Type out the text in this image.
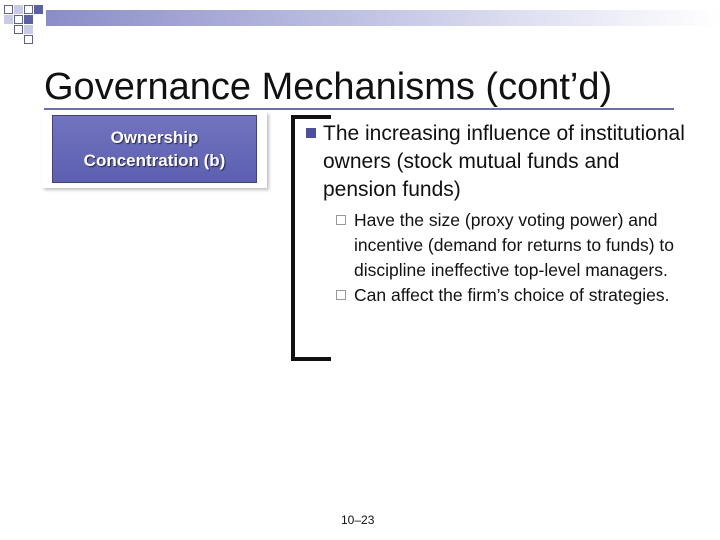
Governance Mechanisms (cont’d)
Ownership Concentration (b)
The increasing influence of institutional owners (stock mutual funds and pension funds)
Have the size (proxy voting power) and incentive (demand for returns to funds) to discipline ineffective top-level managers.
Can affect the firm’s choice of strategies.
10–23
